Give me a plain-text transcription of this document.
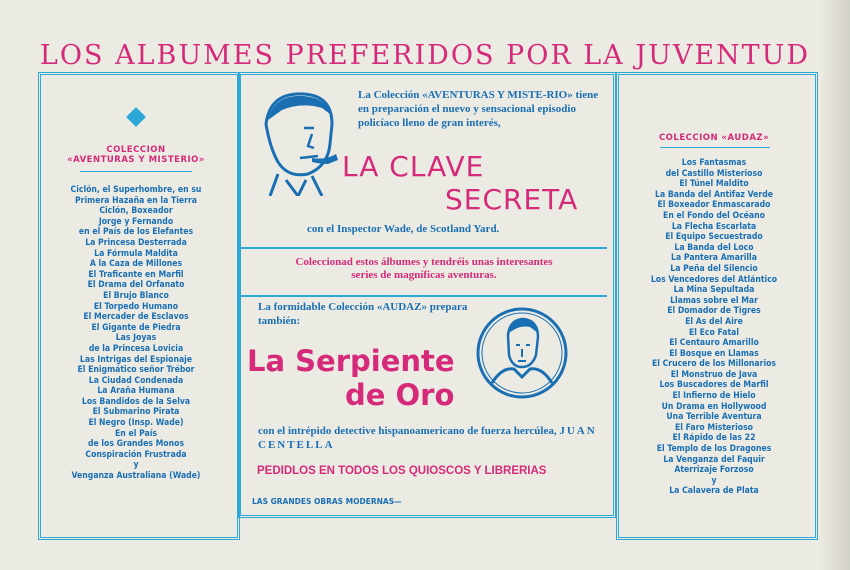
LOS ALBUMES PREFERIDOS POR LA JUVENTUD
COLECCION
«AVENTURAS Y MISTERIO»
Ciclón, el Superhombre, en su
Primera Hazaña en la Tierra
Ciclón, Boxeador
Jorge y Fernando
en el País de los Elefantes
La Princesa Desterrada
La Fórmula Maldita
A la Caza de Millones
El Traficante en Marfil
El Drama del Orfanato
El Brujo Blanco
El Torpedo Humano
El Mercader de Esclavos
El Gigante de Piedra
Las Joyas
de la Princesa Lovicia
Las Intrigas del Espionaje
El Enigmático señor Trébor
La Ciudad Condenada
La Araña Humana
Los Bandidos de la Selva
El Submarino Pirata
El Negro (Insp. Wade)
En el País
de los Grandes Monos
Conspiración Frustrada
y
Venganza Australiana (Wade)
COLECCION «AUDAZ»
Los Fantasmas
del Castillo Misterioso
El Túnel Maldito
La Banda del Antifaz Verde
El Boxeador Enmascarado
En el Fondo del Océano
La Flecha Escarlata
El Equipo Secuestrado
La Banda del Loco
La Pantera Amarilla
La Peña del Silencio
Los Vencedores del Atlántico
La Mina Sepultada
Llamas sobre el Mar
El Domador de Tigres
El As del Aire
El Eco Fatal
El Centauro Amarillo
El Bosque en Llamas
El Crucero de los Millonarios
El Monstruo de Java
Los Buscadores de Marfil
El Infierno de Hielo
Un Drama en Hollywood
Una Terrible Aventura
El Faro Misterioso
El Rápido de las 22
El Templo de los Dragones
La Venganza del Faquir
Aterrizaje Forzoso
y
La Calavera de Plata
La Colección «AVENTURAS Y MISTE-RIO» tiene en preparación el nuevo y sensacional episodio policíaco lleno de gran interés,
LA CLAVE
SECRETA
con el Inspector Wade, de Scotland Yard.
Coleccionad estos álbumes y tendréis unas interesantes
series de magníficas aventuras.
La formidable Colección «AUDAZ» prepara también:
La Serpiente
de Oro
con el intrépido detective hispanoamericano de fuerza hercúlea, JUAN CENTELLA
PEDIDLOS EN TODOS LOS QUIOSCOS Y LIBRERIAS
LAS GRANDES OBRAS MODERNAS—
